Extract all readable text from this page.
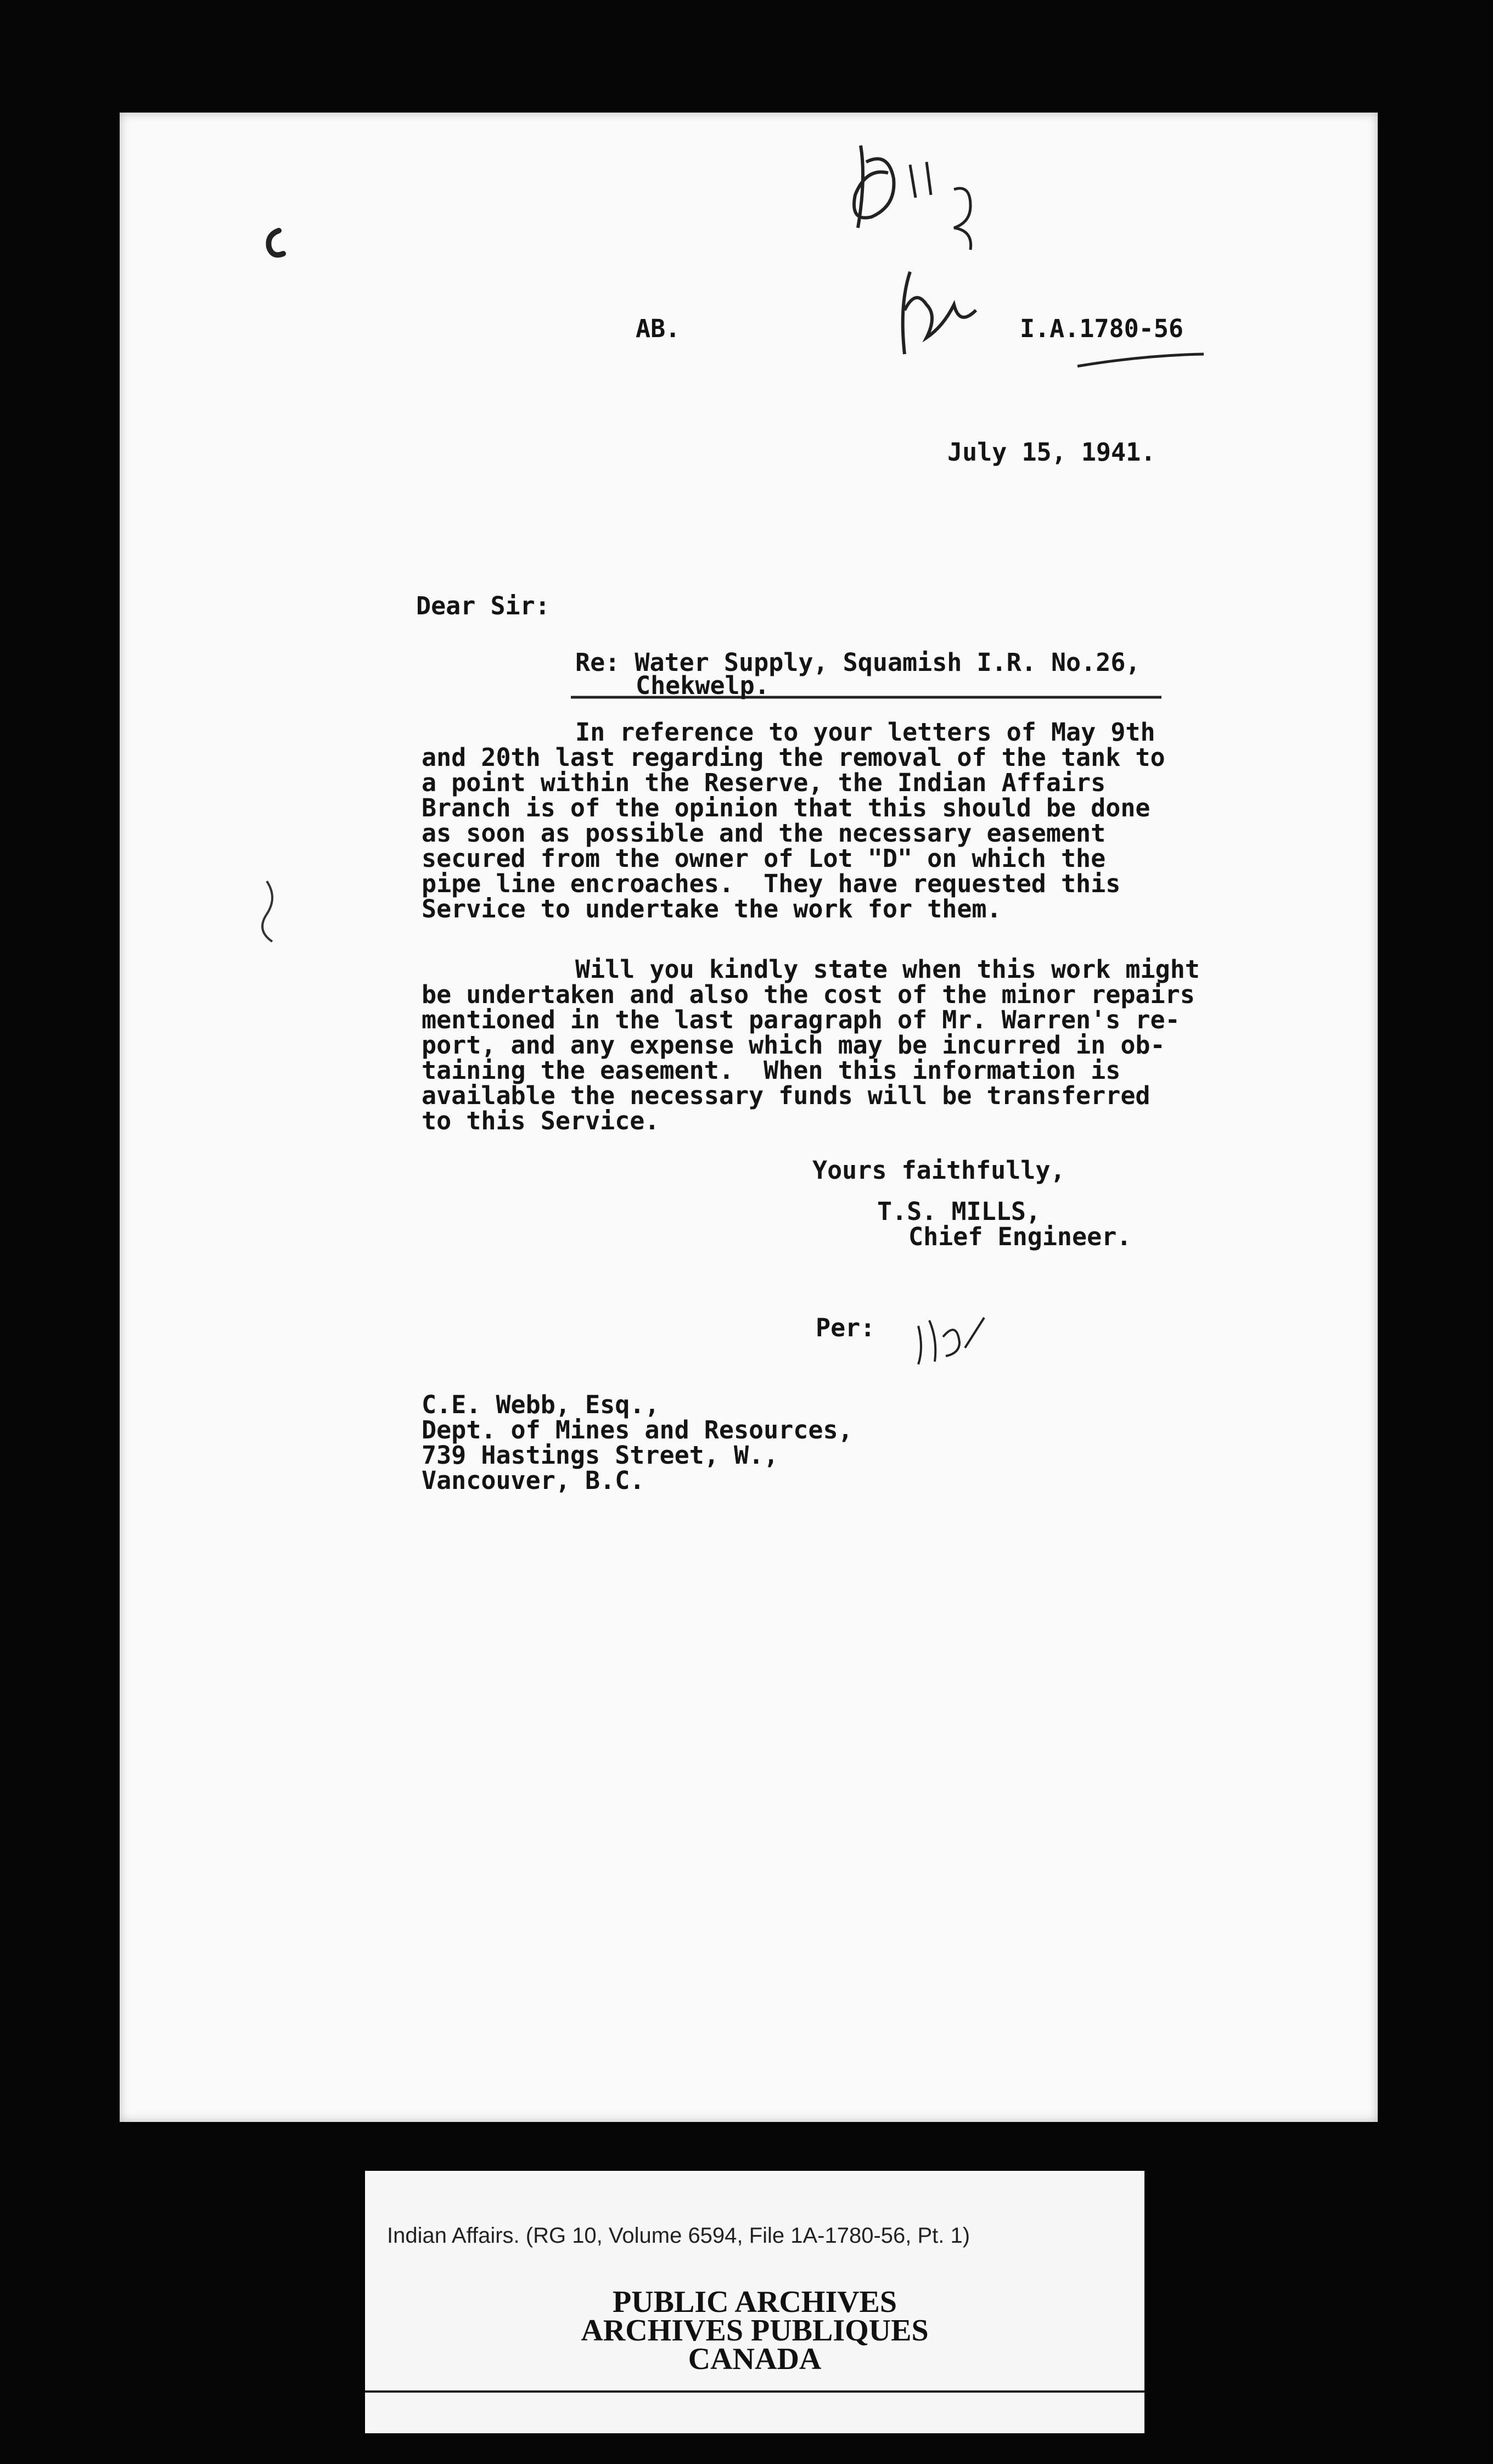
AB.	I.A.1780-56
July 15, 1941.
Dear Sir:
Re: Water Supply, Squamish I.R. No.26,
Chekwelp.
In reference to your letters of May 9th
and 20th last regarding the removal of the tank to
a point within the Reserve, the Indian Affairs
Branch is of the opinion that this should be done
as soon as possible and the necessary easement
secured from the owner of Lot "D" on which the
pipe line encroaches.  They have requested this
Service to undertake the work for them.
Will you kindly state when this work might
be undertaken and also the cost of the minor repairs
mentioned in the last paragraph of Mr. Warren's re-
port, and any expense which may be incurred in ob-
taining the easement.  When this information is
available the necessary funds will be transferred
to this Service.
Yours faithfully,
T.S. MILLS,
Chief Engineer.
Per:
C.E. Webb, Esq.,
Dept. of Mines and Resources,
739 Hastings Street, W.,
Vancouver, B.C.
Indian Affairs. (RG 10, Volume 6594, File 1A-1780-56, Pt. 1)
PUBLIC ARCHIVES
ARCHIVES PUBLIQUES
CANADA
